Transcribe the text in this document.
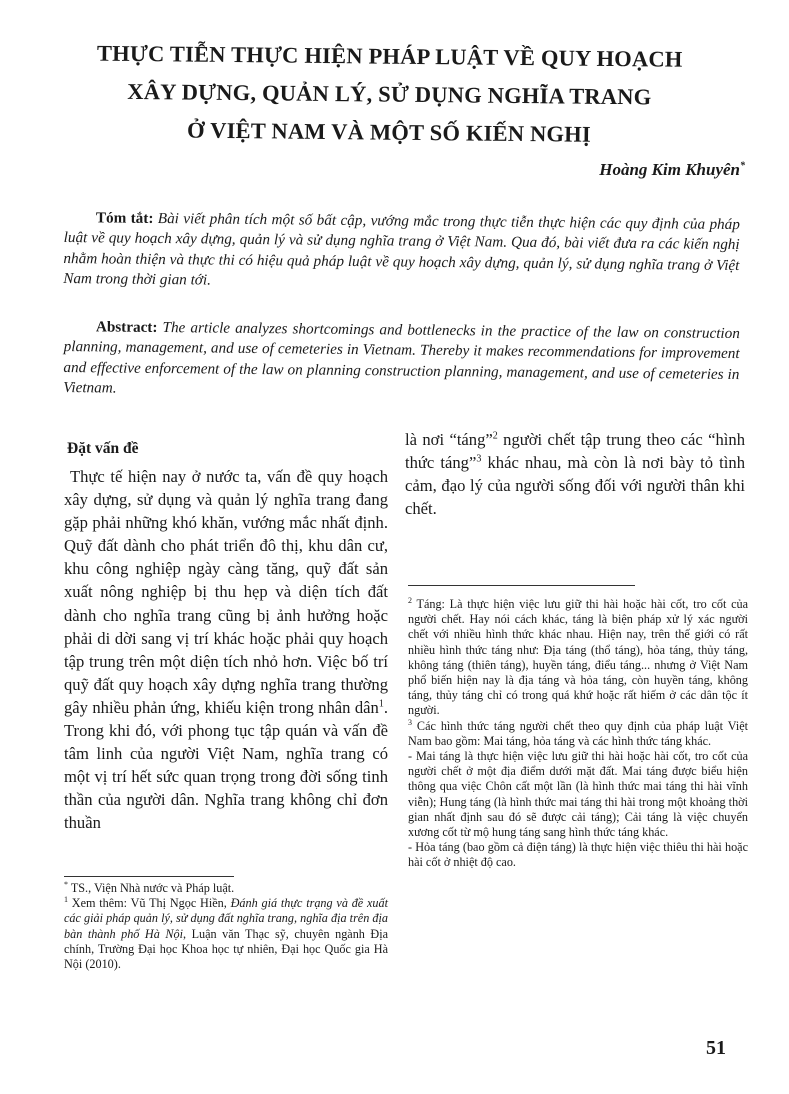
THỰC TIỄN THỰC HIỆN PHÁP LUẬT VỀ QUY HOẠCH
XÂY DỰNG, QUẢN LÝ, SỬ DỤNG NGHĨA TRANG
Ở VIỆT NAM VÀ MỘT SỐ KIẾN NGHỊ
Hoàng Kim Khuyên*
Tóm tắt: Bài viết phân tích một số bất cập, vướng mắc trong thực tiễn thực hiện các quy định của pháp luật về quy hoạch xây dựng, quản lý và sử dụng nghĩa trang ở Việt Nam. Qua đó, bài viết đưa ra các kiến nghị nhằm hoàn thiện và thực thi có hiệu quả pháp luật về quy hoạch xây dựng, quản lý, sử dụng nghĩa trang ở Việt Nam trong thời gian tới.
Abstract: The article analyzes shortcomings and bottlenecks in the practice of the law on construction planning, management, and use of cemeteries in Vietnam. Thereby it makes recommendations for improvement and effective enforcement of the law on planning construction planning, management, and use of cemeteries in Vietnam.
Đặt vấn đề
Thực tế hiện nay ở nước ta, vấn đề quy hoạch xây dựng, sử dụng và quản lý nghĩa trang đang gặp phải những khó khăn, vướng mắc nhất định. Quỹ đất dành cho phát triển đô thị, khu dân cư, khu công nghiệp ngày càng tăng, quỹ đất sản xuất nông nghiệp bị thu hẹp và diện tích đất dành cho nghĩa trang cũng bị ảnh hưởng hoặc phải di dời sang vị trí khác hoặc phải quy hoạch tập trung trên một diện tích nhỏ hơn. Việc bố trí quỹ đất quy hoạch xây dựng nghĩa trang thường gây nhiều phản ứng, khiếu kiện trong nhân dân$^1$. Trong khi đó, với phong tục tập quán và vấn đề tâm linh của người Việt Nam, nghĩa trang có một vị trí hết sức quan trọng trong đời sống tinh thần của người dân. Nghĩa trang không chỉ đơn thuần
là nơi “táng”$^2$ người chết tập trung theo các “hình thức táng”$^3$ khác nhau, mà còn là nơi bày tỏ tình cảm, đạo lý của người sống đối với người thân khi chết.

$^2$ Táng: Là thực hiện việc lưu giữ thi hài hoặc hài cốt, tro cốt của người chết. Hay nói cách khác, táng là biện pháp xử lý xác người chết với nhiều hình thức khác nhau. Hiện nay, trên thế giới có rất nhiều hình thức táng như: Địa táng (thổ táng), hỏa táng, thủy táng, không táng (thiên táng), huyền táng, điểu táng... nhưng ở Việt Nam phổ biến hiện nay là địa táng và hỏa táng, còn huyền táng, không táng, thủy táng chỉ có trong quá khứ hoặc rất hiếm ở các dân tộc ít người.

$^3$ Các hình thức táng người chết theo quy định của pháp luật Việt Nam bao gồm: Mai táng, hỏa táng và các hình thức táng khác.

- Mai táng là thực hiện việc lưu giữ thi hài hoặc hài cốt, tro cốt của người chết ở một địa điểm dưới mặt đất. Mai táng được biểu hiện thông qua việc Chôn cất một lần (là hình thức mai táng thi hài vĩnh viễn); Hung táng (là hình thức mai táng thi hài trong một khoảng thời gian nhất định sau đó sẽ được cải táng); Cải táng là việc chuyển xương cốt từ mộ hung táng sang hình thức táng khác.

- Hỏa táng (bao gồm cả điện táng) là thực hiện việc thiêu thi hài hoặc hài cốt ở nhiệt độ cao.

* TS., Viện Nhà nước và Pháp luật.

$^1$ Xem thêm: Vũ Thị Ngọc Hiền, Đánh giá thực trạng và đề xuất các giải pháp quản lý, sử dụng đất nghĩa trang, nghĩa địa trên địa bàn thành phố Hà Nội, Luận văn Thạc sỹ, chuyên ngành Địa chính, Trường Đại học Khoa học tự nhiên, Đại học Quốc gia Hà Nội (2010).

51
